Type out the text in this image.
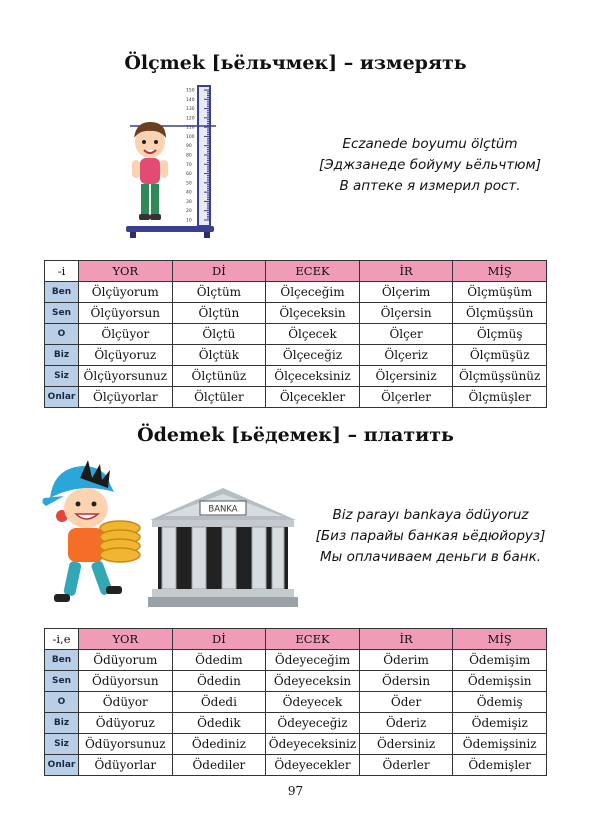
Ölçmek [ьёльчмек] – измерять
150
140
130
120
110
100
90
80
70
60
50
40
30
20
10
Eczanede boyumu ölçtüm
[Эджзанеде бойуму ьёльчтюм]
В аптеке я измерил рост.
-i	YOR	Dİ	ECEK	İR	MİŞ
Ben	Ölçüyorum	Ölçtüm	Ölçeceğim	Ölçerim	Ölçmüşüm
Sen	Ölçüyorsun	Ölçtün	Ölçeceksin	Ölçersin	Ölçmüşsün
O	Ölçüyor	Ölçtü	Ölçecek	Ölçer	Ölçmüş
Biz	Ölçüyoruz	Ölçtük	Ölçeceğiz	Ölçeriz	Ölçmüşüz
Siz	Ölçüyorsunuz	Ölçtünüz	Ölçeceksiniz	Ölçersiniz	Ölçmüşsünüz
Onlar	Ölçüyorlar	Ölçtüler	Ölçecekler	Ölçerler	Ölçmüşler
Ödemek [ьёдемек] – платить
BANKA	Biz parayı bankaya ödüyoruz
[Биз парайы банкая ьёдюйоруз]
Мы оплачиваем деньги в банк.
-i,e	YOR	Dİ	ECEK	İR	MİŞ
Ben	Ödüyorum	Ödedim	Ödeyeceğim	Öderim	Ödemişim
Sen	Ödüyorsun	Ödedin	Ödeyeceksin	Ödersin	Ödemişsin
O	Ödüyor	Ödedi	Ödeyecek	Öder	Ödemiş
Biz	Ödüyoruz	Ödedik	Ödeyeceğiz	Öderiz	Ödemişiz
Siz	Ödüyorsunuz	Ödediniz	Ödeyeceksiniz	Ödersiniz	Ödemişsiniz
Onlar	Ödüyorlar	Ödediler	Ödeyecekler	Öderler	Ödemişler
97
